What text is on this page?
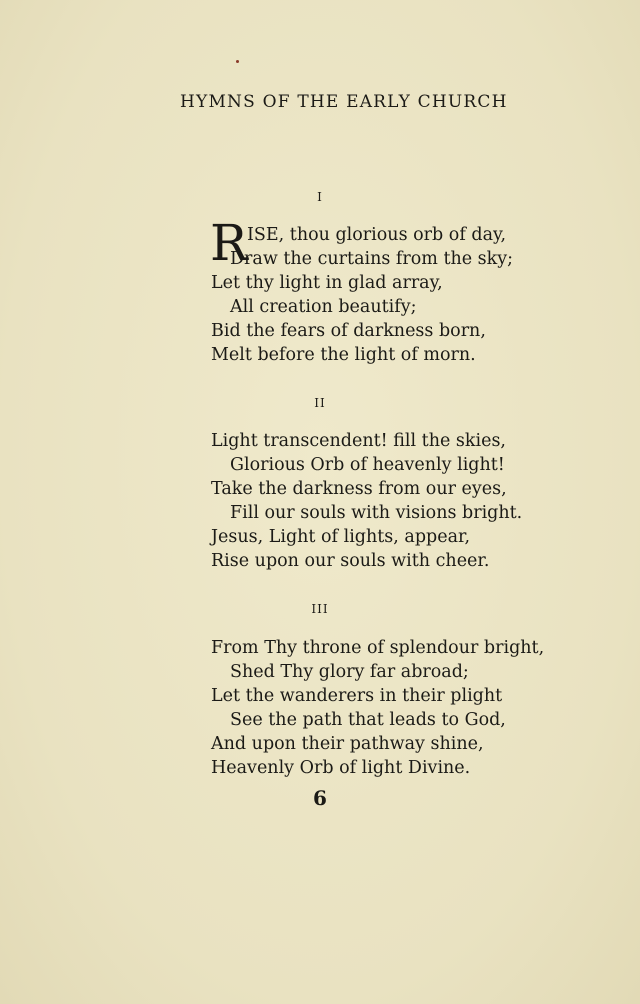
HYMNS OF THE EARLY CHURCH
I
R ISE, thou glorious orb of day,
Draw the curtains from the sky;
Let thy light in glad array,
All creation beautify;
Bid the fears of darkness born,
Melt before the light of morn.
II
Light transcendent! fill the skies,
Glorious Orb of heavenly light!
Take the darkness from our eyes,
Fill our souls with visions bright.
Jesus, Light of lights, appear,
Rise upon our souls with cheer.
III
From Thy throne of splendour bright,
Shed Thy glory far abroad;
Let the wanderers in their plight
See the path that leads to God,
And upon their pathway shine,
Heavenly Orb of light Divine.
6
